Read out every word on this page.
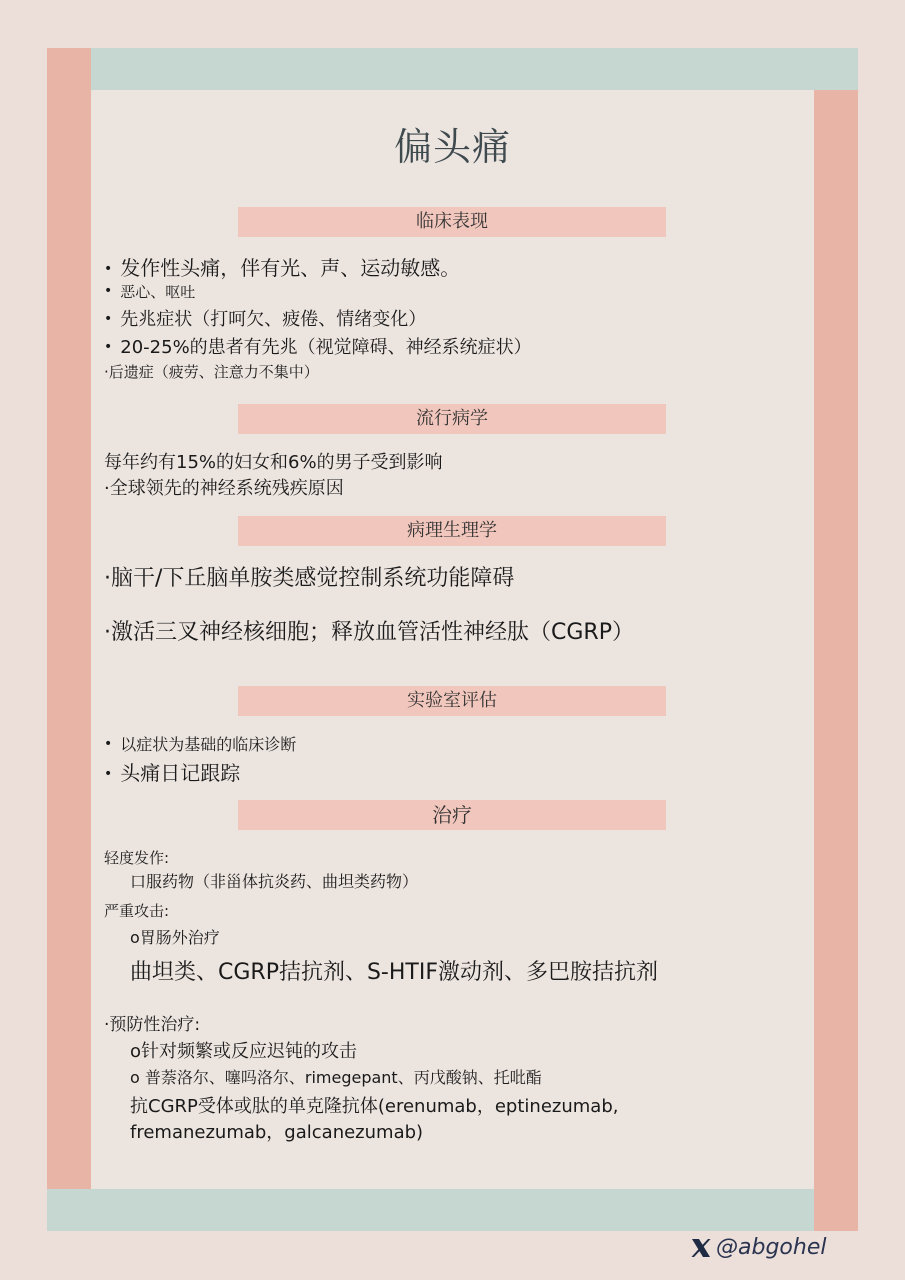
偏头痛
临床表现
• 发作性头痛，伴有光、声、运动敏感。
• 恶心、呕吐
• 先兆症状（打呵欠、疲倦、情绪变化）
• 20-25%的患者有先兆（视觉障碍、神经系统症状）
·后遗症（疲劳、注意力不集中）
流行病学
每年约有15%的妇女和6%的男子受到影响
·全球领先的神经系统残疾原因
病理生理学
·脑干/下丘脑单胺类感觉控制系统功能障碍
·激活三叉神经核细胞；释放血管活性神经肽（CGRP）
实验室评估
• 以症状为基础的临床诊断
• 头痛日记跟踪
治疗
轻度发作:
口服药物（非甾体抗炎药、曲坦类药物）
严重攻击:
o胃肠外治疗
曲坦类、CGRP拮抗剂、S-HTIF激动剂、多巴胺拮抗剂
·预防性治疗:
o针对频繁或反应迟钝的攻击
o 普萘洛尔、噻吗洛尔、rimegepant、丙戊酸钠、托吡酯
抗CGRP受体或肽的单克隆抗体(erenumab，eptinezumab,
fremanezumab，galcanezumab)
@abgohel
